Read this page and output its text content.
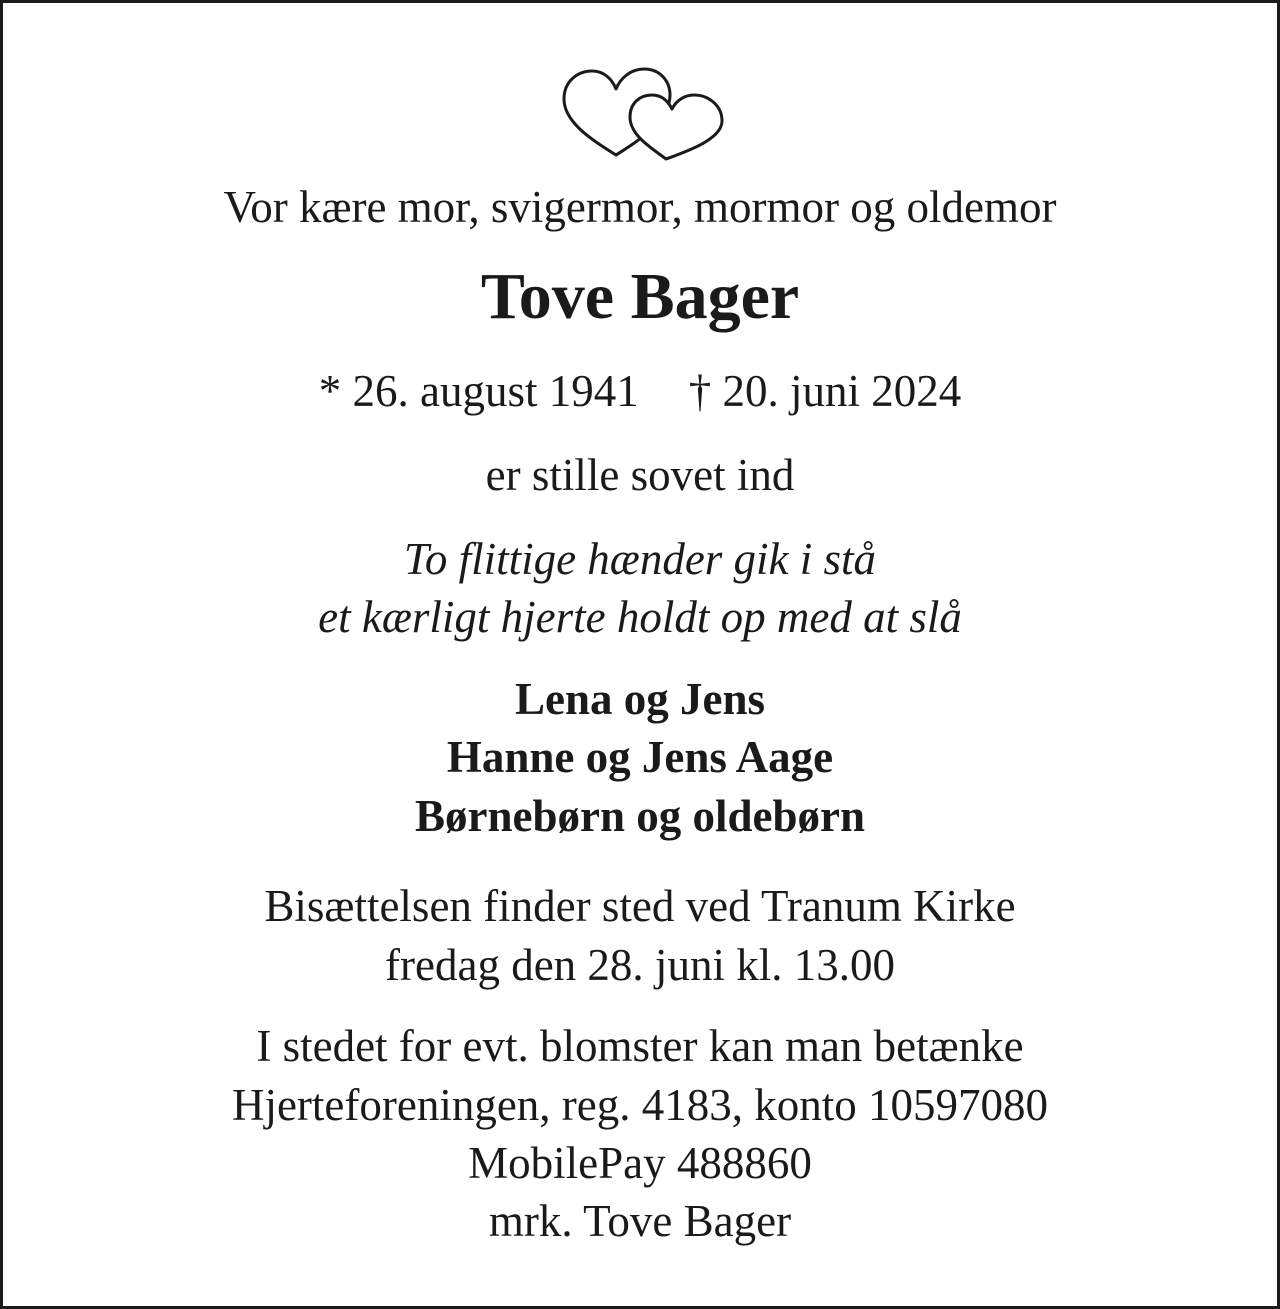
Vor kære mor, svigermor, mormor og oldemor
Tove Bager
* 26. august 1941 † 20. juni 2024
er stille sovet ind
To flittige hænder gik i stå
et kærligt hjerte holdt op med at slå
Lena og Jens
Hanne og Jens Aage
Børnebørn og oldebørn
Bisættelsen finder sted ved Tranum Kirke
fredag den 28. juni kl. 13.00
I stedet for evt. blomster kan man betænke
Hjerteforeningen, reg. 4183, konto 10597080
MobilePay 488860
mrk. Tove Bager
